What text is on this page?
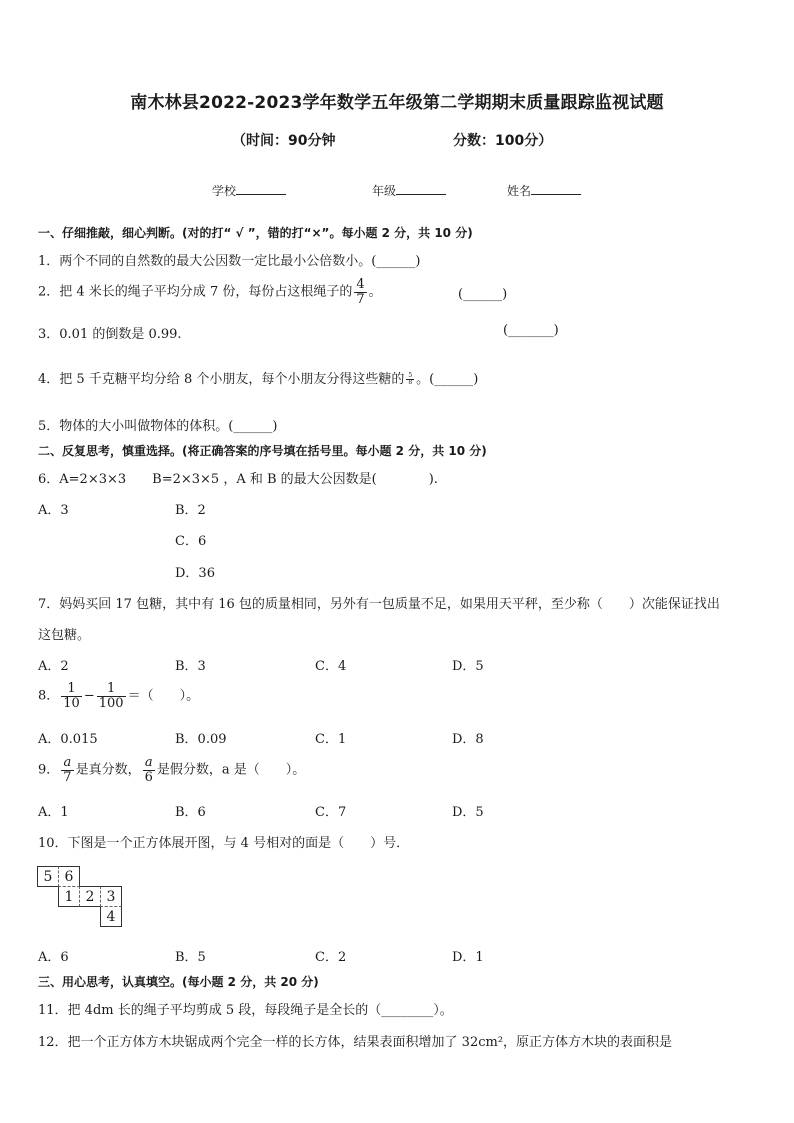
南木林县2022-2023学年数学五年级第二学期期末质量跟踪监视试题
（时间：90分钟	分数：100分）
学校	年级	姓名
一、仔细推敲，细心判断。(对的打“ √ ”，错的打“×”。每小题 2 分，共 10 分)
1．两个不同的自然数的最大公因数一定比最小公倍数小。(______)
2．把 4 米长的绳子平均分成 7 份，每份占这根绳子的 $\frac{4}{7}$ 。	(______)
3．0.01 的倒数是 0.99.	(_______)
4．把 5 千克糖平均分给 8 个小朋友，每个小朋友分得这些糖的 $\frac{5}{8}$ 。(______)
5．物体的大小叫做物体的体积。(______)
二、反复思考，慎重选择。(将正确答案的序号填在括号里。每小题 2 分，共 10 分)
6．A=2×3×3　　B=2×3×5 ，A 和 B 的最大公因数是(　　　　).
A．3	B．2
C．6
D．36
7．妈妈买回 17 包糖，其中有 16 包的质量相同，另外有一包质量不足，如果用天平秤，至少称（　　）次能保证找出
这包糖。
A．2	B．3	C．4	D．5
8． $\frac{1}{10} - \frac{1}{100}$ ＝（　　）。
A．0.015	B．0.09	C．1	D．8
9． $\frac{a}{7}$ 是真分数， $\frac{a}{6}$ 是假分数，a 是（　　）。
A．1	B．6	C．7	D．5
10．下图是一个正方体展开图，与 4 号相对的面是（　　）号．
5 6
1 2 3
4
A．6	B．5	C．2	D．1
三、用心思考，认真填空。(每小题 2 分，共 20 分)
11．把 4dm 长的绳子平均剪成 5 段，每段绳子是全长的（________）。
12．把一个正方体方木块锯成两个完全一样的长方体，结果表面积增加了 32cm²，原正方体方木块的表面积是
